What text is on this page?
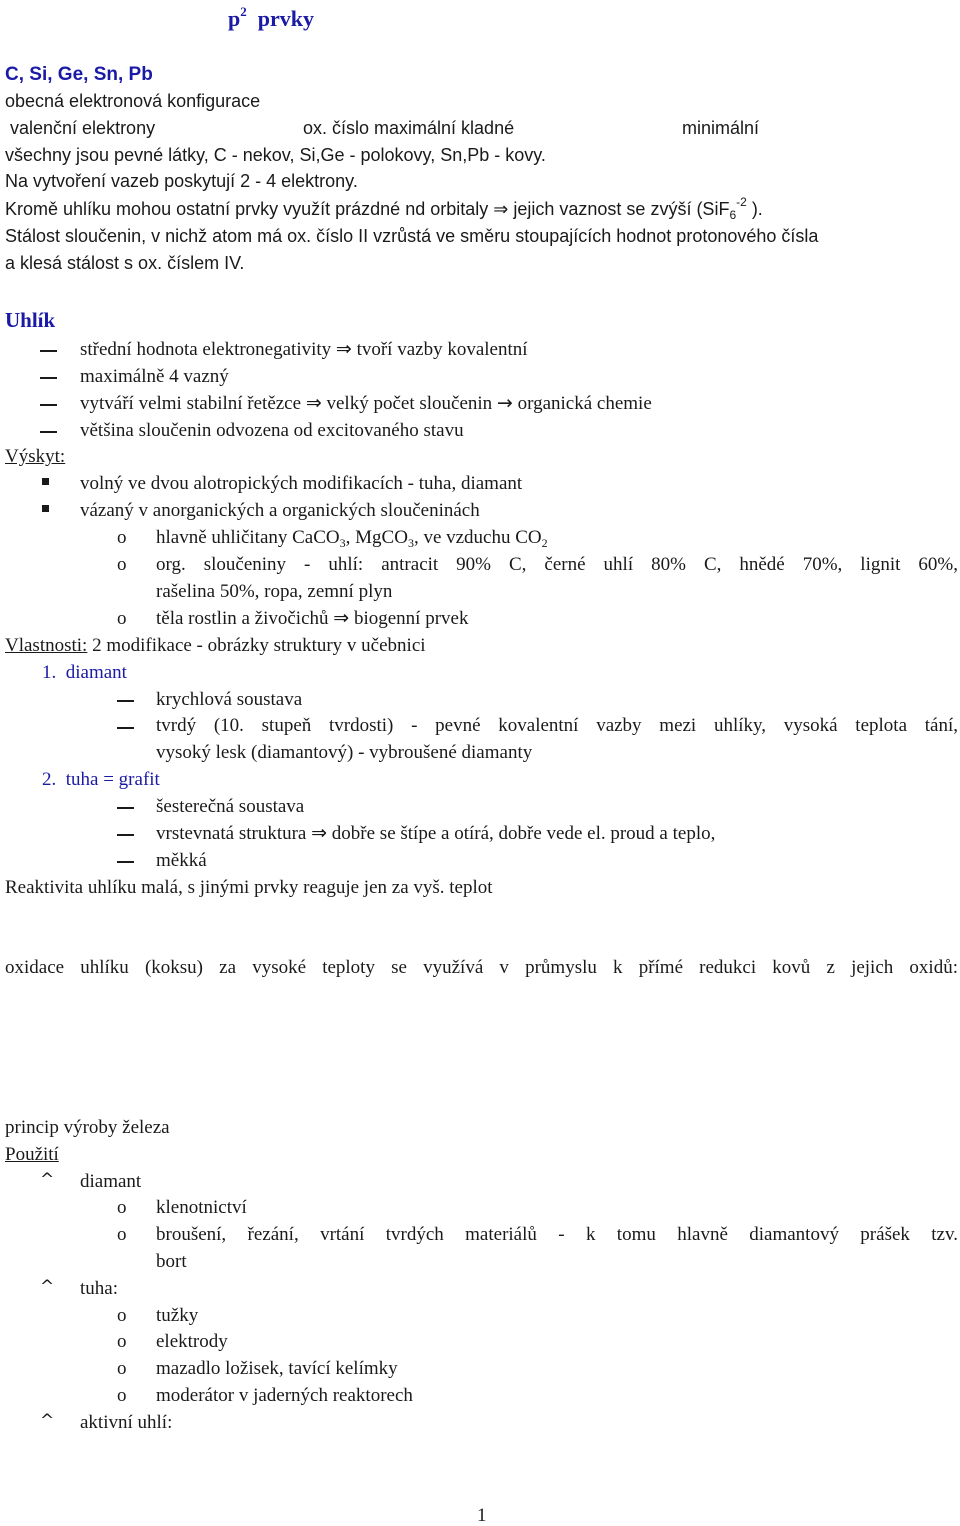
$p^2$ prvky
C, Si, Ge, Sn, Pb
obecná elektronová konfigurace
valenční elektrony	ox. číslo maximální kladné	minimální
všechny jsou pevné látky, C - nekov, Si,Ge - polokovy, Sn,Pb - kovy.
Na vytvoření vazeb poskytují 2 - 4 elektrony.
Kromě uhlíku mohou ostatní prvky využít prázdné nd orbitaly ⇒ jejich vaznost se zvýší (SiF$_6^{-2}$ ).
Stálost sloučenin, v nichž atom má ox. číslo II vzrůstá ve směru stoupajících hodnot protonového čísla
a klesá stálost s ox. číslem IV.
Uhlík
střední hodnota elektronegativity ⇒ tvoří vazby kovalentní
maximálně 4 vazný
vytváří velmi stabilní řetězce ⇒ velký počet sloučenin → organická chemie
většina sloučenin odvozena od excitovaného stavu
Výskyt:
volný ve dvou alotropických modifikacích - tuha, diamant
vázaný v anorganických a organických sloučeninách
o hlavně uhličitany CaCO$_3$, MgCO$_3$, ve vzduchu $CO_2$
o org. sloučeniny - uhlí: antracit 90% C, černé uhlí 80% C, hnědé 70%, lignit 60%,
rašelina 50%, ropa, zemní plyn
o těla rostlin a živočichů ⇒ biogenní prvek
Vlastnosti: 2 modifikace - obrázky struktury v učebnici
1. diamant
krychlová soustava
tvrdý (10. stupeň tvrdosti) - pevné kovalentní vazby mezi uhlíky, vysoká teplota tání,
vysoký lesk (diamantový) - vybroušené diamanty
2. tuha = grafit
šesterečná soustava
vrstevnatá struktura ⇒ dobře se štípe a otírá, dobře vede el. proud a teplo,
měkká
Reaktivita uhlíku malá, s jinými prvky reaguje jen za vyš. teplot
oxidace uhlíku (koksu) za vysoké teploty se využívá v průmyslu k přímé redukci kovů z jejich oxidů:
princip výroby železa
Použití
^ diamant
o klenotnictví
o broušení, řezání, vrtání tvrdých materiálů - k tomu hlavně diamantový prášek tzv.
bort
^ tuha:
o tužky
o elektrody
o mazadlo ložisek, tavící kelímky
o moderátor v jaderných reaktorech
^ aktivní uhlí:
1
